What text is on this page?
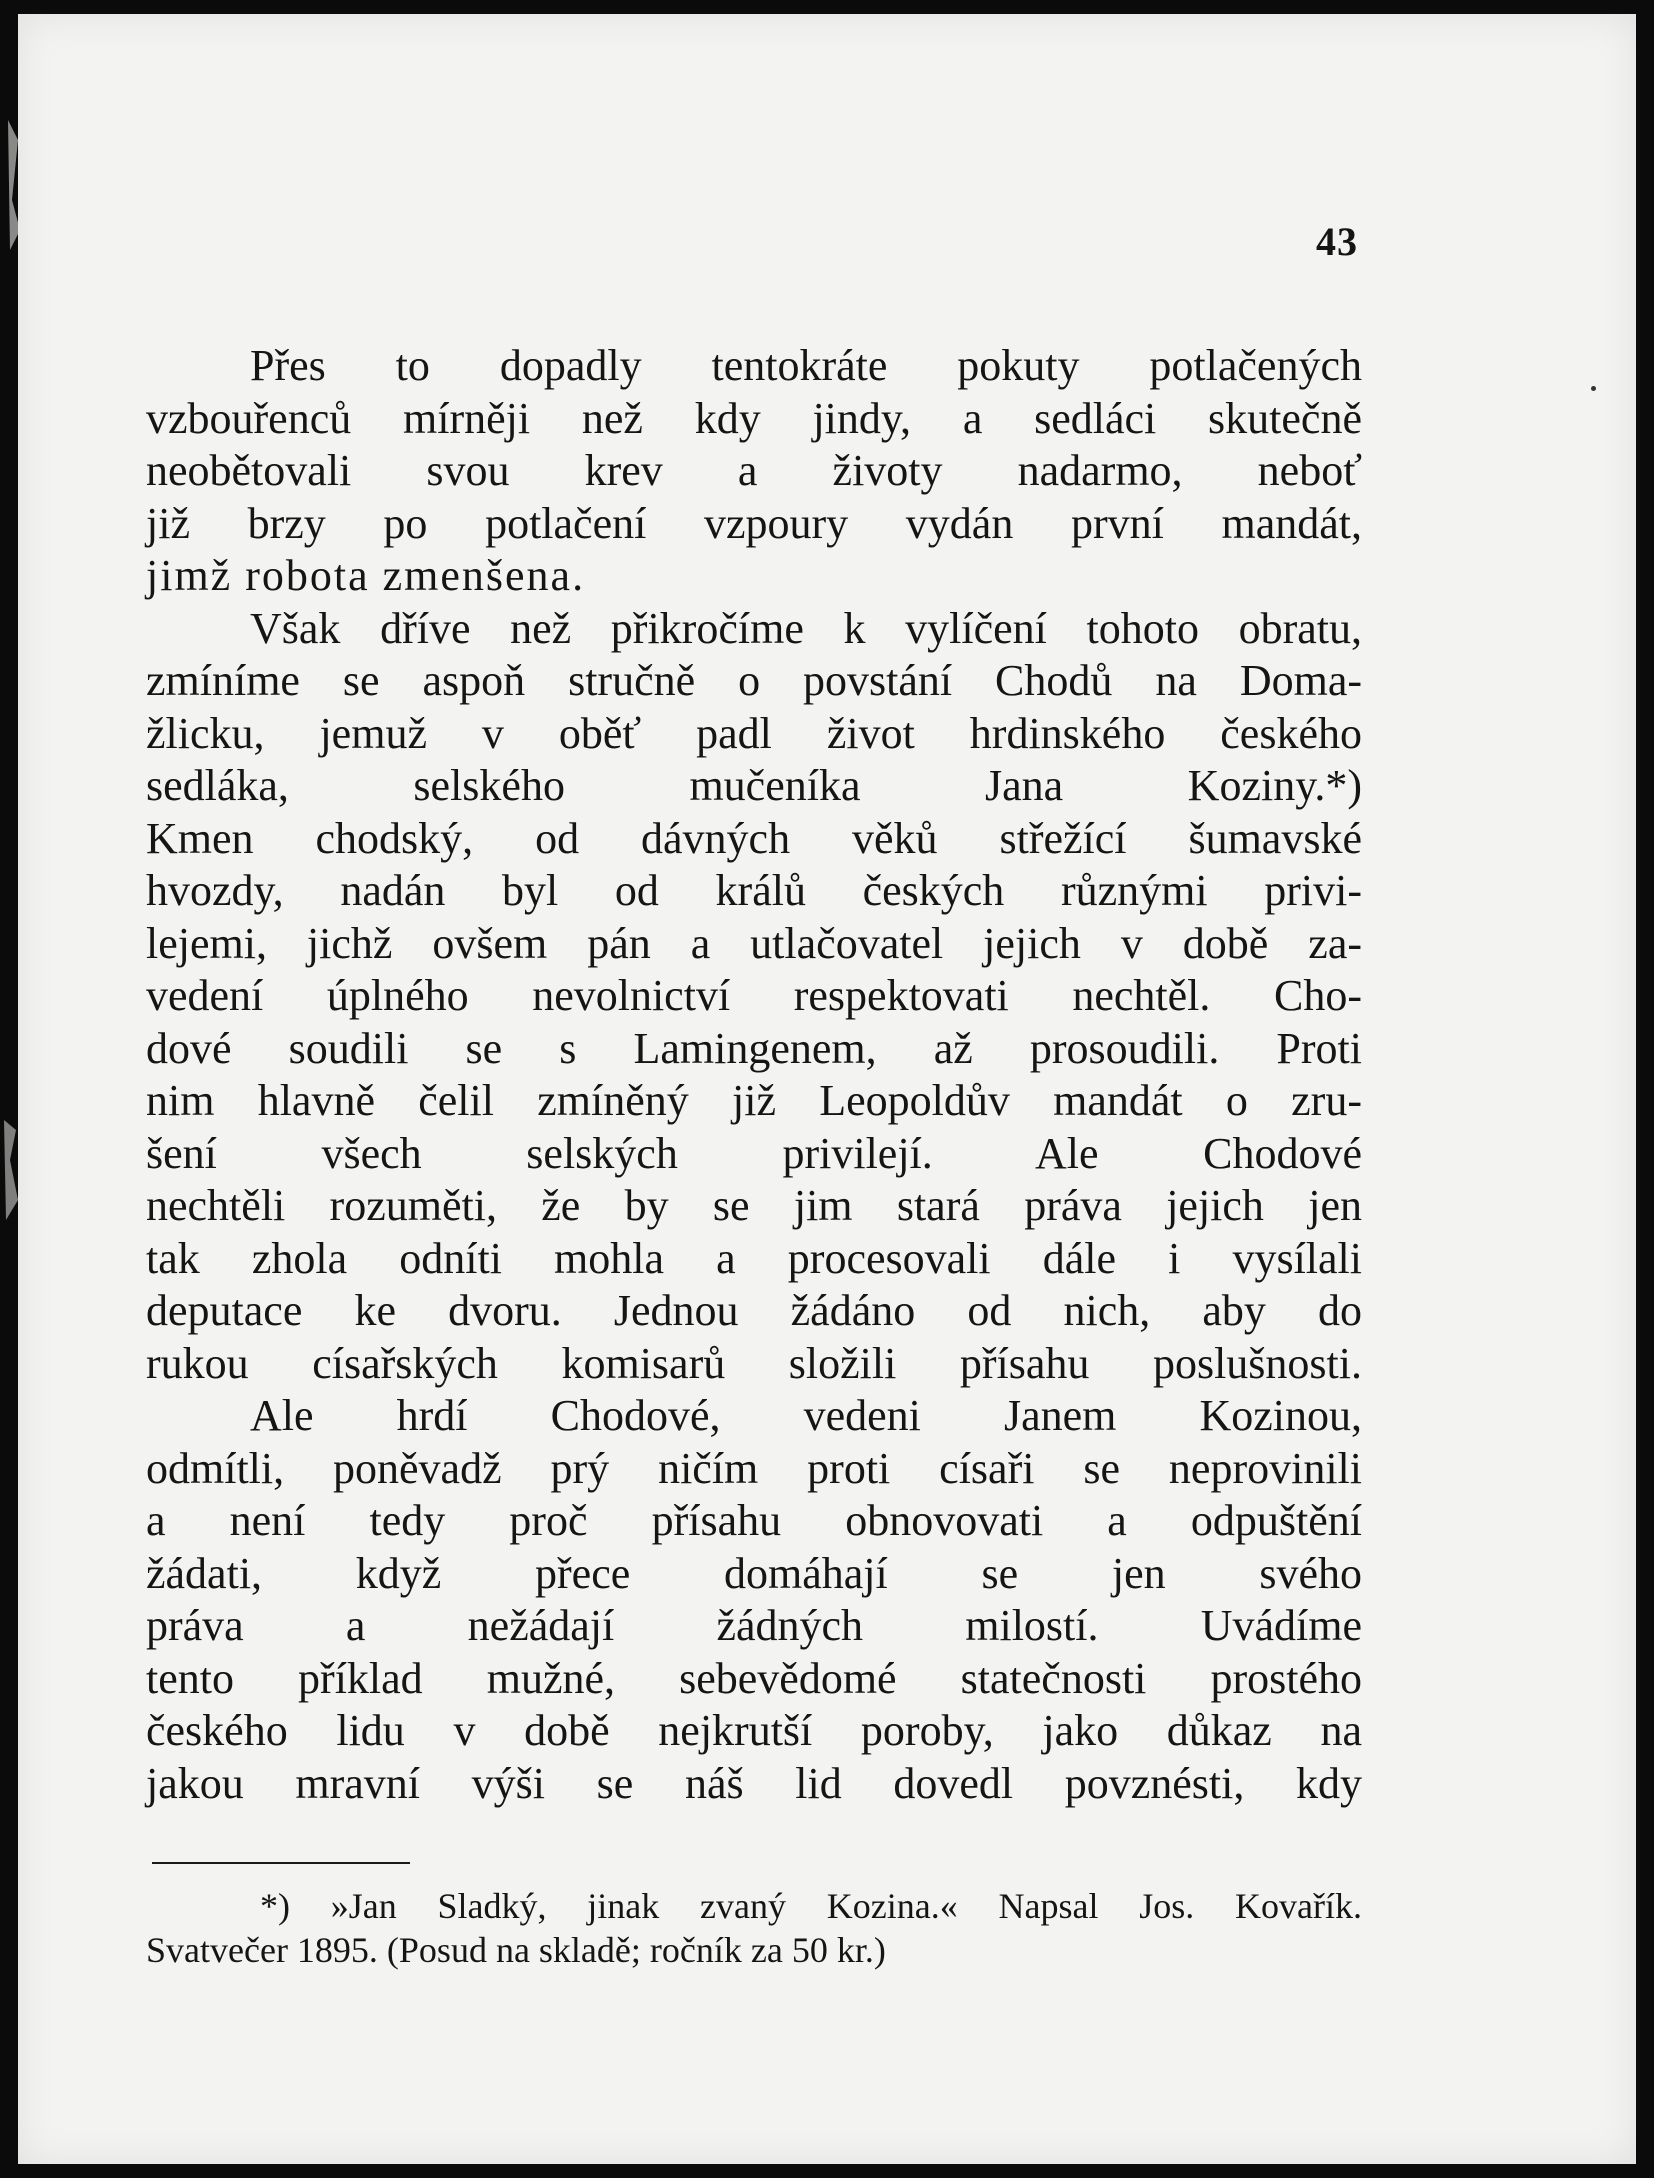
43
Přes to dopadly tentokráte pokuty potlačených
vzbouřenců mírněji než kdy jindy, a sedláci skutečně
neobětovali svou krev a životy nadarmo, neboť
již brzy po potlačení vzpoury vydán první mandát,
jimž robota zmenšena.
Však dříve než přikročíme k vylíčení tohoto obratu,
zmíníme se aspoň stručně o povstání Chodů na Doma-
žlicku, jemuž v oběť padl život hrdinského českého
sedláka, selského mučeníka Jana Koziny.*)
Kmen chodský, od dávných věků střežící šumavské
hvozdy, nadán byl od králů českých různými privi-
lejemi, jichž ovšem pán a utlačovatel jejich v době za-
vedení úplného nevolnictví respektovati nechtěl. Cho-
dové soudili se s Lamingenem, až prosoudili. Proti
nim hlavně čelil zmíněný již Leopoldův mandát o zru-
šení všech selských privilejí. Ale Chodové
nechtěli rozuměti, že by se jim stará práva jejich jen
tak zhola odníti mohla a procesovali dále i vysílali
deputace ke dvoru. Jednou žádáno od nich, aby do
rukou císařských komisarů složili přísahu poslušnosti.
Ale hrdí Chodové, vedeni Janem Kozinou,
odmítli, poněvadž prý ničím proti císaři se neprovinili
a není tedy proč přísahu obnovovati a odpuštění
žádati, když přece domáhají se jen svého
práva a nežádají žádných milostí. Uvádíme
tento příklad mužné, sebevědomé statečnosti prostého
českého lidu v době nejkrutší poroby, jako důkaz na
jakou mravní výši se náš lid dovedl povznésti, kdy
*) »Jan Sladký, jinak zvaný Kozina.« Napsal Jos. Kovařík.
Svatvečer 1895. (Posud na skladě; ročník za 50 kr.)
